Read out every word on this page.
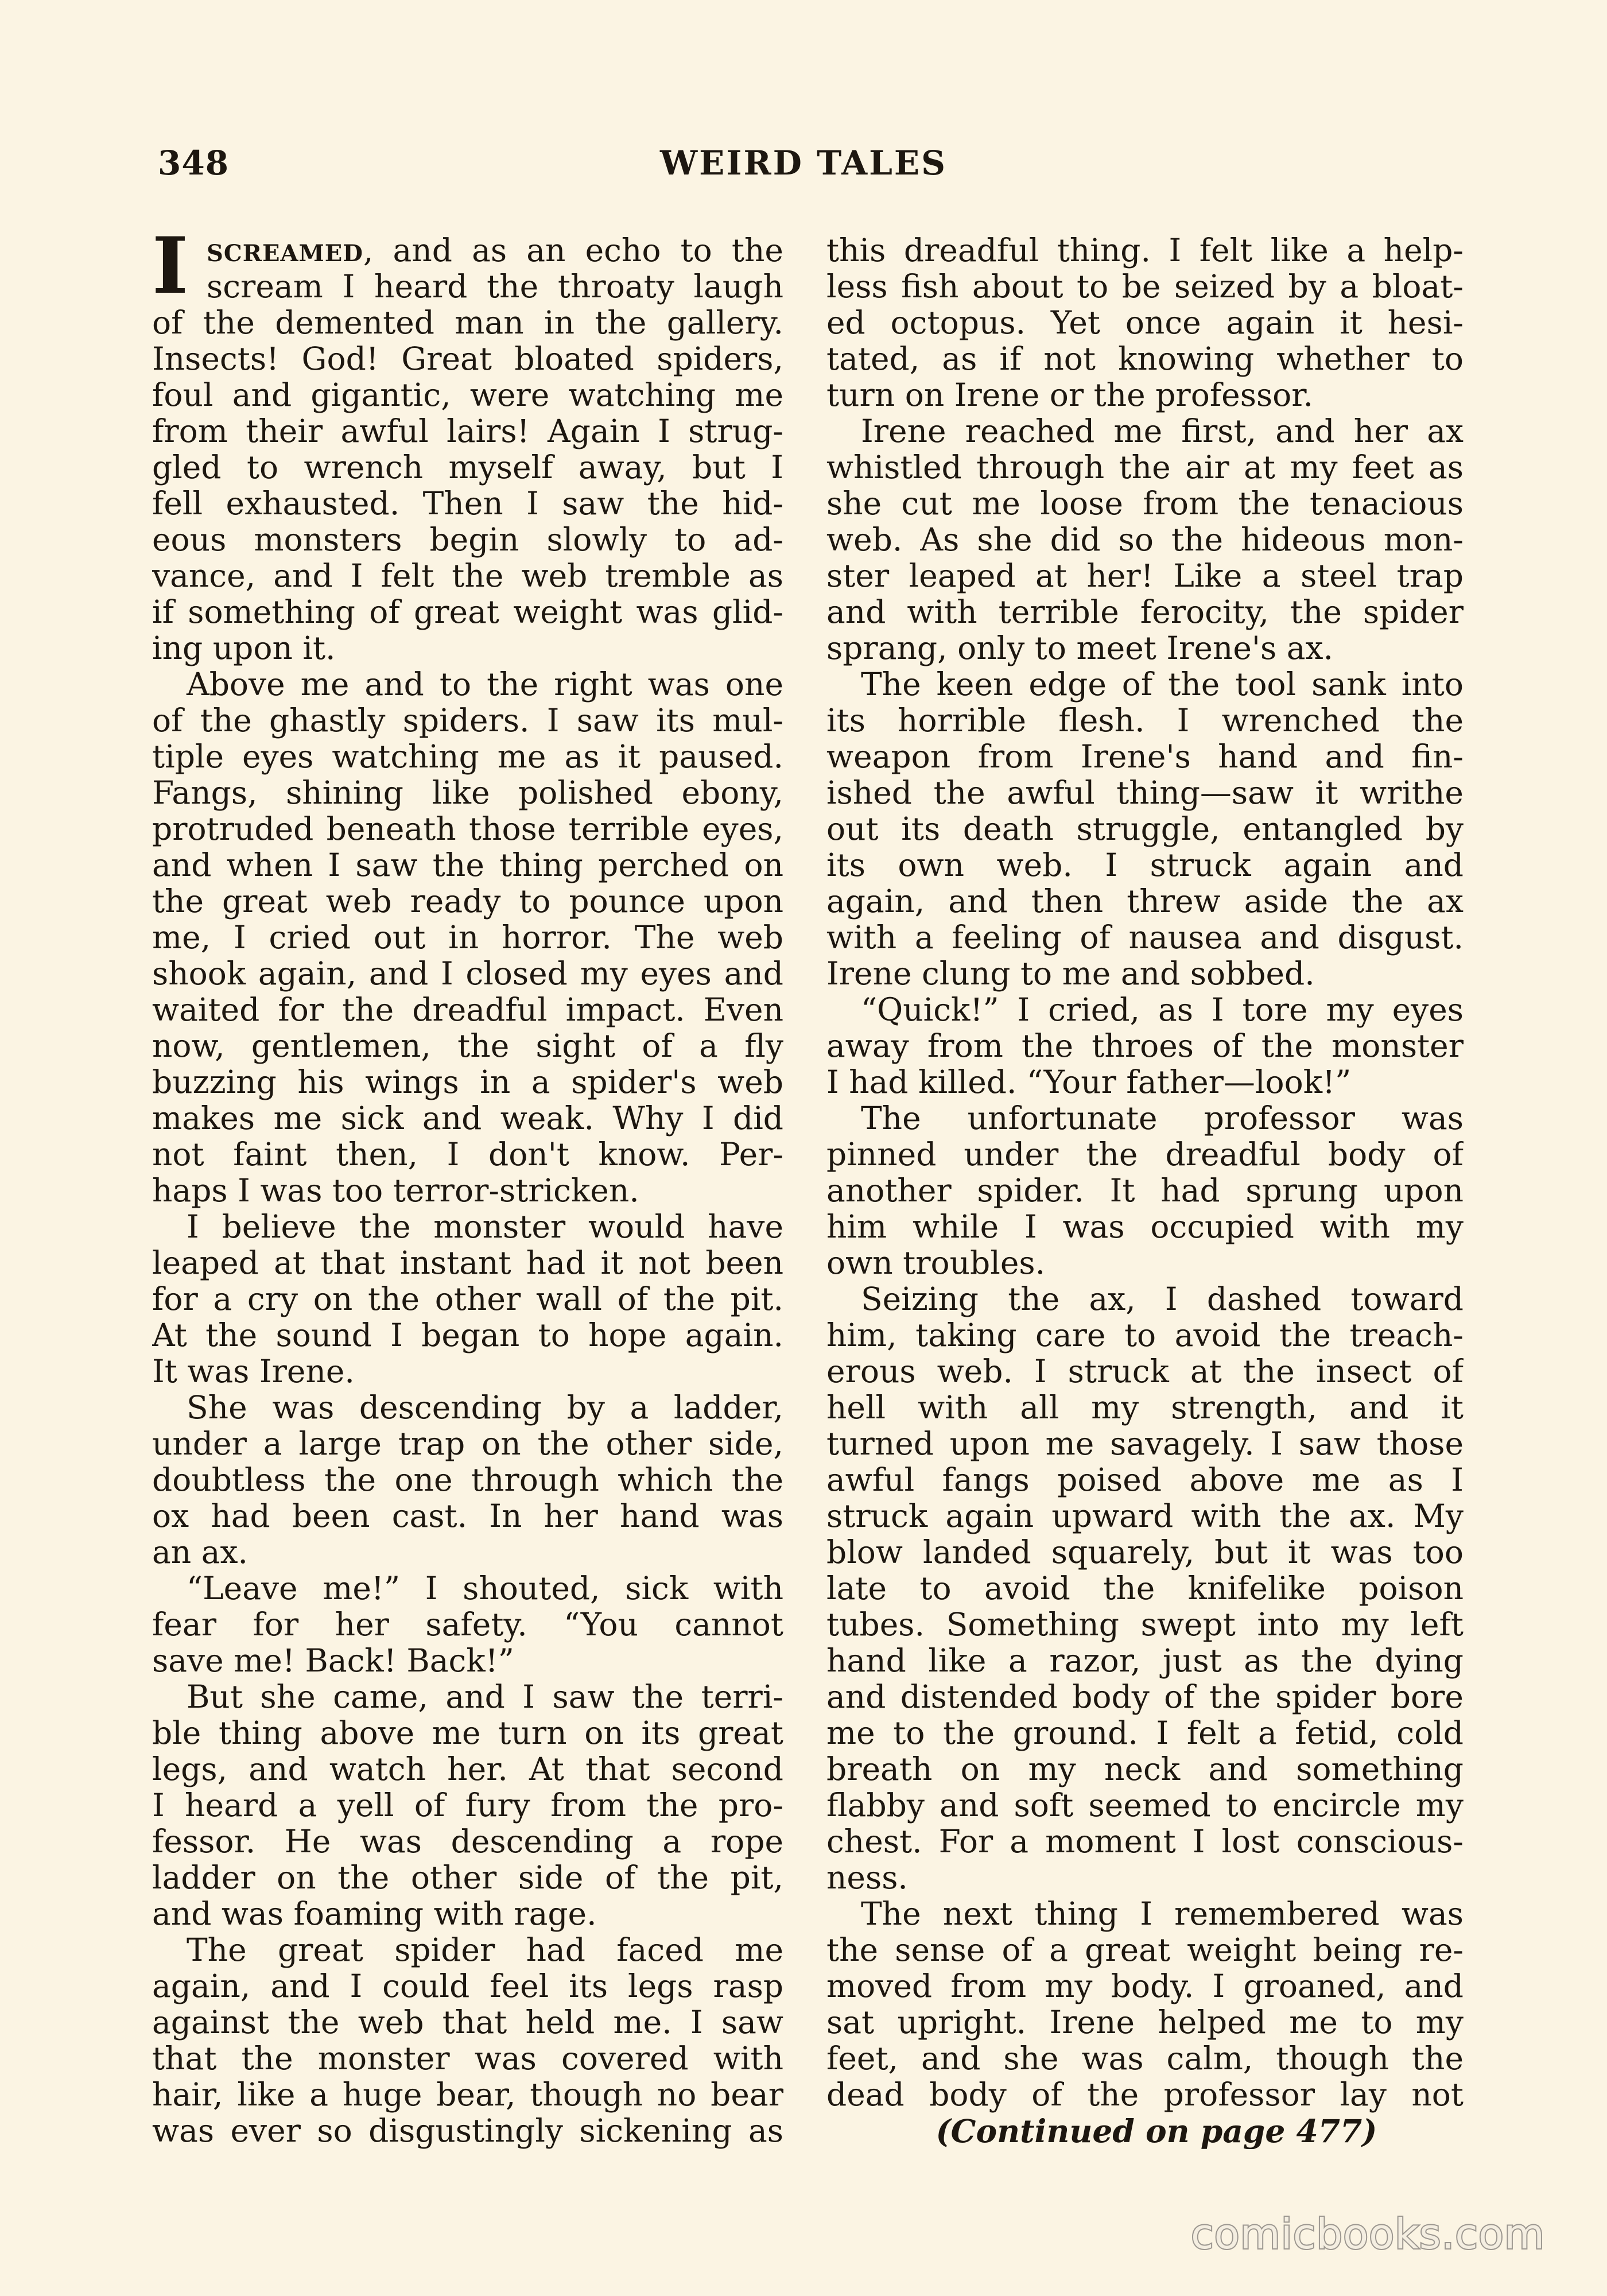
348	WEIRD TALES
I SCREAMED, and as an echo to the
scream I heard the throaty laugh
of the demented man in the gallery.
Insects! God! Great bloated spiders,
foul and gigantic, were watching me
from their awful lairs! Again I strug-
gled to wrench myself away, but I
fell exhausted. Then I saw the hid-
eous monsters begin slowly to ad-
vance, and I felt the web tremble as
if something of great weight was glid-
ing upon it.
Above me and to the right was one
of the ghastly spiders. I saw its mul-
tiple eyes watching me as it paused.
Fangs, shining like polished ebony,
protruded beneath those terrible eyes,
and when I saw the thing perched on
the great web ready to pounce upon
me, I cried out in horror. The web
shook again, and I closed my eyes and
waited for the dreadful impact. Even
now, gentlemen, the sight of a fly
buzzing his wings in a spider's web
makes me sick and weak. Why I did
not faint then, I don't know. Per-
haps I was too terror-stricken.
I believe the monster would have
leaped at that instant had it not been
for a cry on the other wall of the pit.
At the sound I began to hope again.
It was Irene.
She was descending by a ladder,
under a large trap on the other side,
doubtless the one through which the
ox had been cast. In her hand was
an ax.
“Leave me!” I shouted, sick with
fear for her safety. “You cannot
save me! Back! Back!”
But she came, and I saw the terri-
ble thing above me turn on its great
legs, and watch her. At that second
I heard a yell of fury from the pro-
fessor. He was descending a rope
ladder on the other side of the pit,
and was foaming with rage.
The great spider had faced me
again, and I could feel its legs rasp
against the web that held me. I saw
that the monster was covered with
hair, like a huge bear, though no bear
was ever so disgustingly sickening as
this dreadful thing. I felt like a help-
less fish about to be seized by a bloat-
ed octopus. Yet once again it hesi-
tated, as if not knowing whether to
turn on Irene or the professor.
Irene reached me first, and her ax
whistled through the air at my feet as
she cut me loose from the tenacious
web. As she did so the hideous mon-
ster leaped at her! Like a steel trap
and with terrible ferocity, the spider
sprang, only to meet Irene's ax.
The keen edge of the tool sank into
its horrible flesh. I wrenched the
weapon from Irene's hand and fin-
ished the awful thing—saw it writhe
out its death struggle, entangled by
its own web. I struck again and
again, and then threw aside the ax
with a feeling of nausea and disgust.
Irene clung to me and sobbed.
“Quick!” I cried, as I tore my eyes
away from the throes of the monster
I had killed. “Your father—look!”
The unfortunate professor was
pinned under the dreadful body of
another spider. It had sprung upon
him while I was occupied with my
own troubles.
Seizing the ax, I dashed toward
him, taking care to avoid the treach-
erous web. I struck at the insect of
hell with all my strength, and it
turned upon me savagely. I saw those
awful fangs poised above me as I
struck again upward with the ax. My
blow landed squarely, but it was too
late to avoid the knifelike poison
tubes. Something swept into my left
hand like a razor, just as the dying
and distended body of the spider bore
me to the ground. I felt a fetid, cold
breath on my neck and something
flabby and soft seemed to encircle my
chest. For a moment I lost conscious-
ness.
The next thing I remembered was
the sense of a great weight being re-
moved from my body. I groaned, and
sat upright. Irene helped me to my
feet, and she was calm, though the
dead body of the professor lay not
(Continued on page 477)
comicbooks.com
